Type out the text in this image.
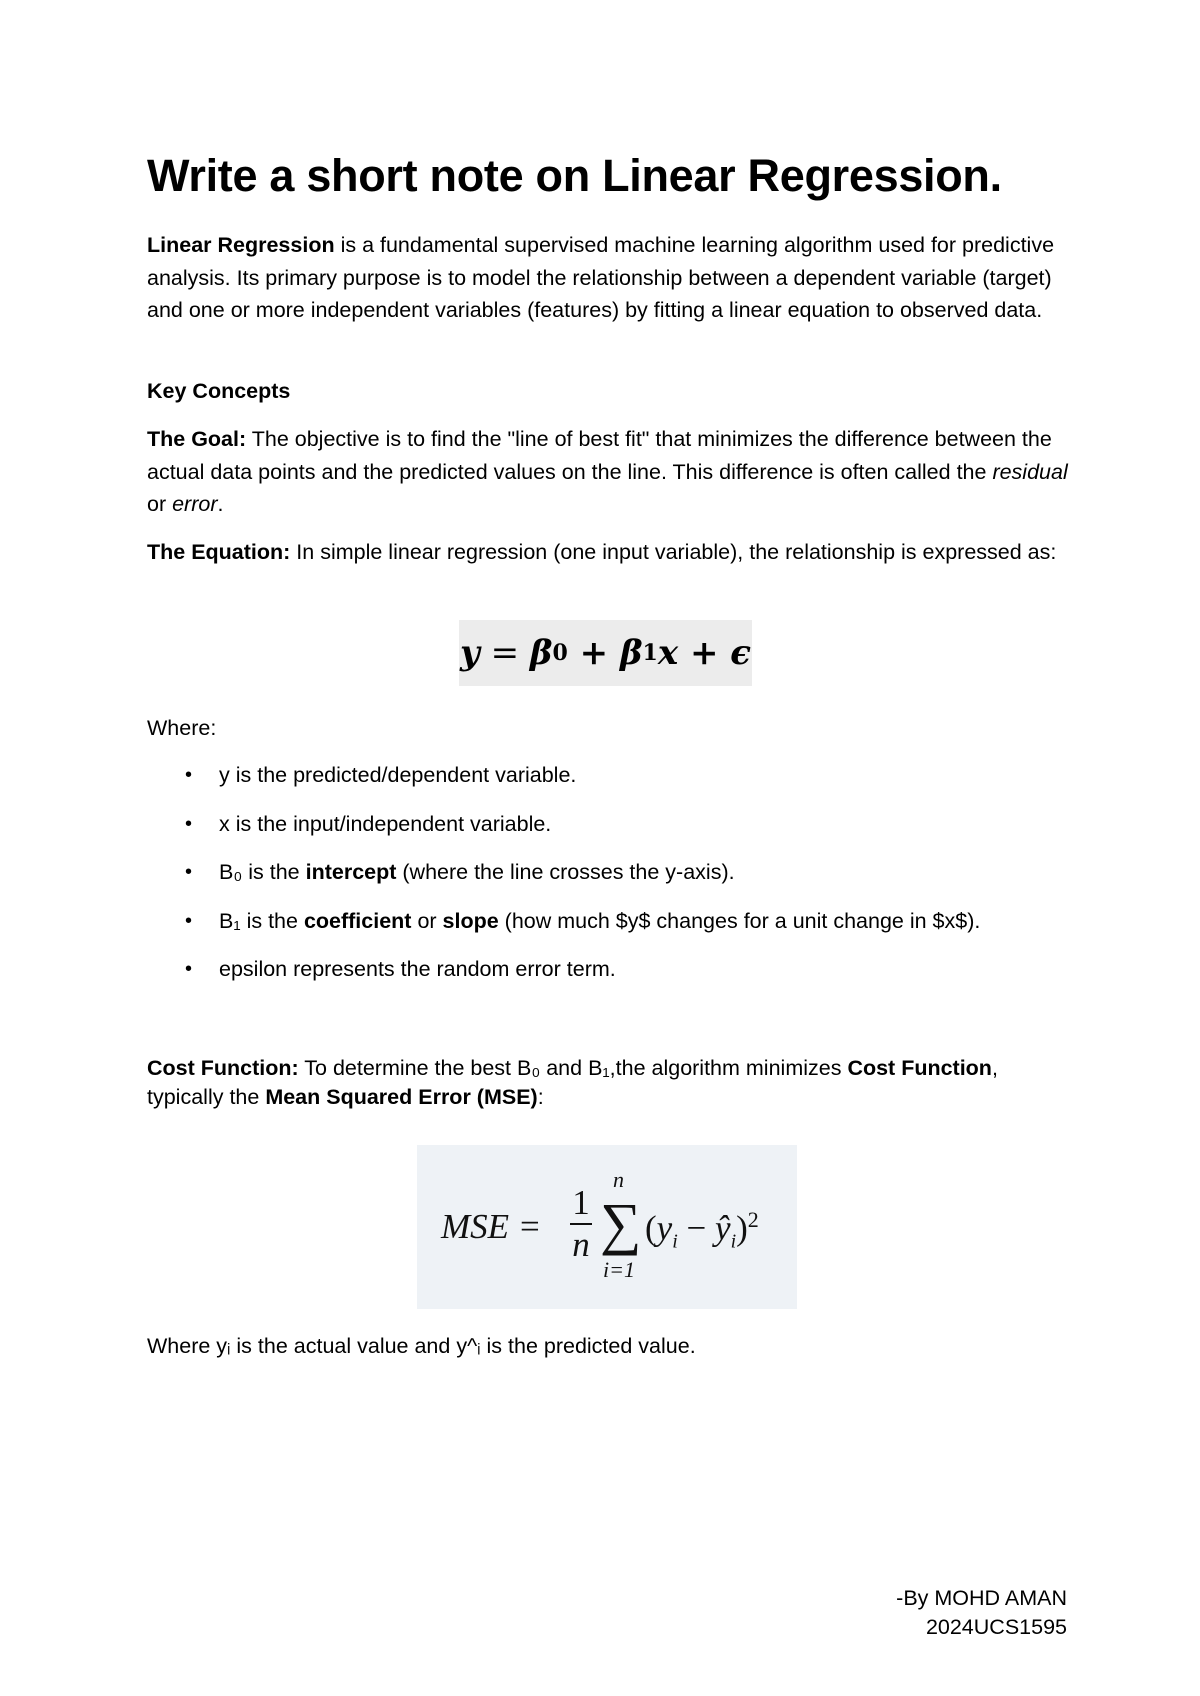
Write a short note on Linear Regression.

Linear Regression is a fundamental supervised machine learning algorithm used for predictive analysis. Its primary purpose is to model the relationship between a dependent variable (target) and one or more independent variables (features) by fitting a linear equation to observed data.

Key Concepts

The Goal: The objective is to find the "line of best fit" that minimizes the difference between the actual data points and the predicted values on the line. This difference is often called the residual or error.

The Equation: In simple linear regression (one input variable), the relationship is expressed as:

y = β 0 + β 1 x + ϵ

Where:

• y is the predicted/dependent variable.
• x is the input/independent variable.
• B₀ is the intercept (where the line crosses the y-axis).
• B₁ is the coefficient or slope (how much $y$ changes for a unit change in $x$).
• epsilon represents the random error term.

Cost Function: To determine the best B₀ and B₁,the algorithm minimizes Cost Function, typically the Mean Squared Error (MSE):

MSE =
1
n
n
∑
i=1
($y_i$ − $ŷ_i)^2$

Where yᵢ is the actual value and y^ᵢ is the predicted value.

-By MOHD AMAN
2024UCS1595
